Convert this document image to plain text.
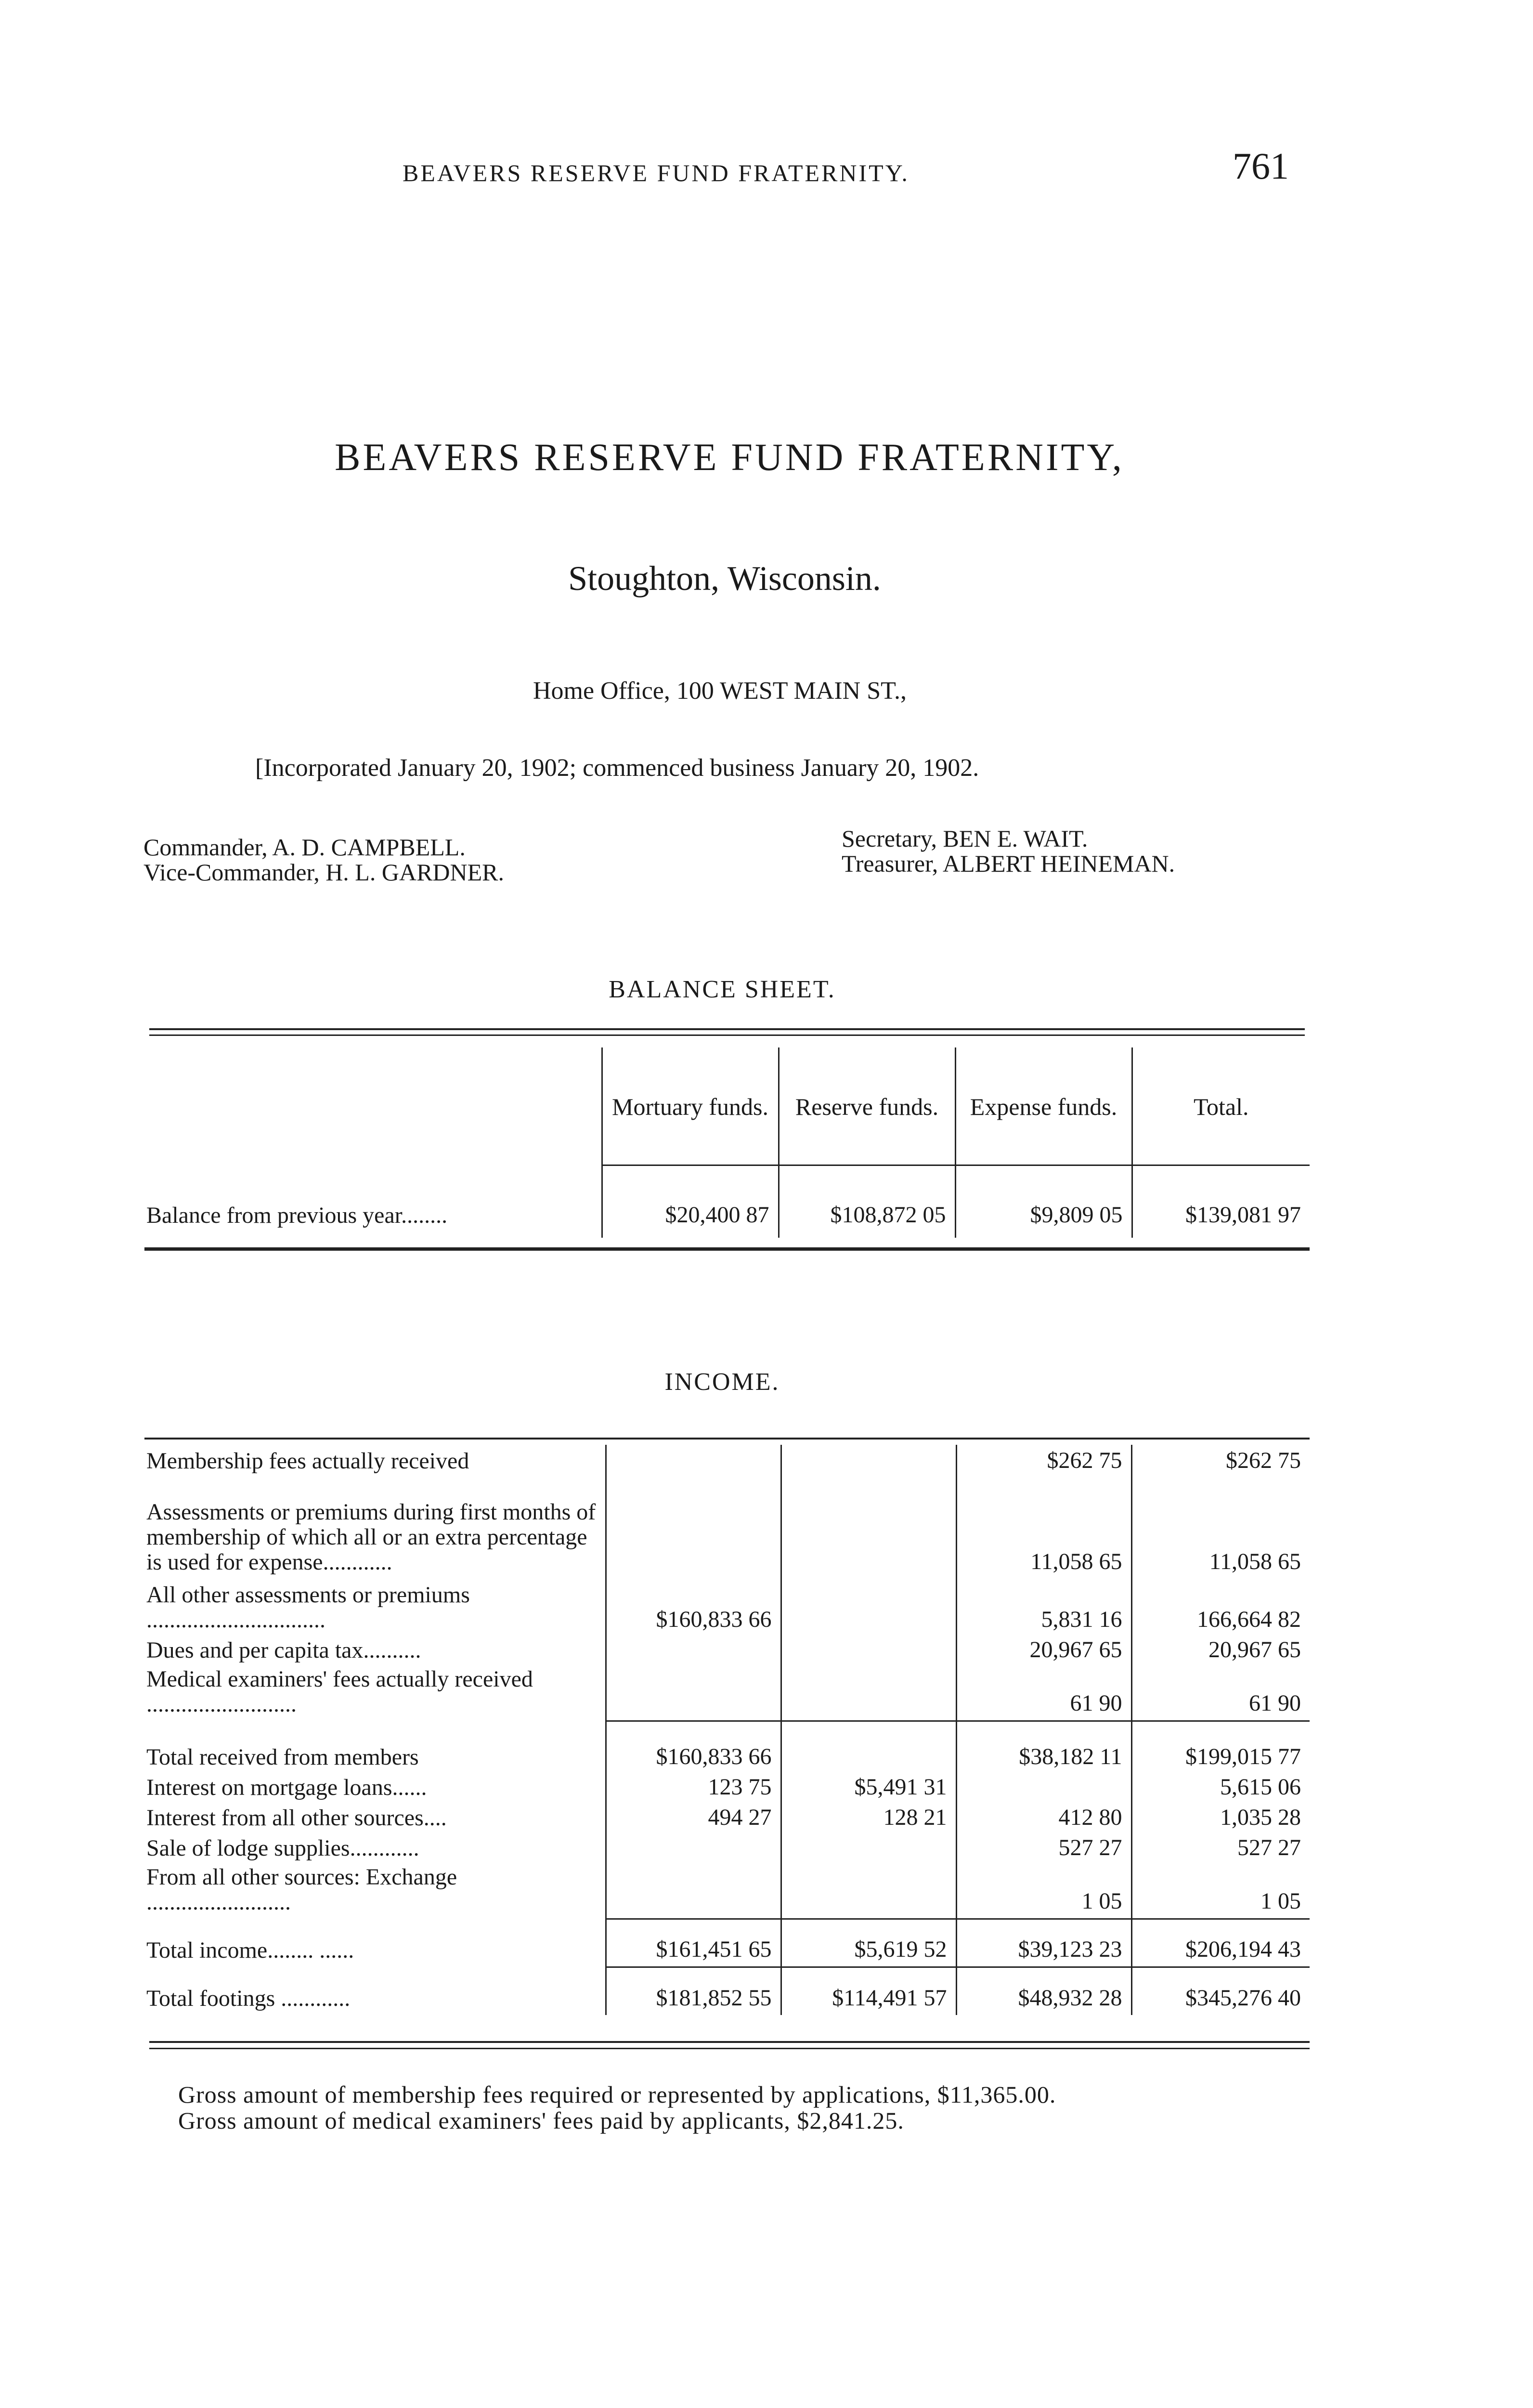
BEAVERS RESERVE FUND FRATERNITY.	761
BEAVERS RESERVE FUND FRATERNITY,
Stoughton, Wisconsin.
Home Office, 100 WEST MAIN ST.,
[Incorporated January 20, 1902; commenced business January 20, 1902.
Commander, A. D. CAMPBELL.
Vice-Commander, H. L. GARDNER.
Secretary, BEN E. WAIT.
Treasurer, ALBERT HEINEMAN.
BALANCE SHEET.
	Mortuary funds.	Reserve funds.	Expense funds.	Total.
Balance from previous year........	$20,400 87	$108,872 05	$9,809 05	$139,081 97
INCOME.
Membership fees actually received			$262 75	$262 75
Assessments or premiums during first months of membership of which all or an extra percentage is used for expense............			11,058 65	11,058 65
All other assessments or premiums ...............................	$160,833 66		5,831 16	166,664 82
Dues and per capita tax..........			20,967 65	20,967 65
Medical examiners' fees actually received ..........................			61 90	61 90
Total received from members	$160,833 66		$38,182 11	$199,015 77
Interest on mortgage loans......	123 75	$5,491 31		5,615 06
Interest from all other sources....	494 27	128 21	412 80	1,035 28
Sale of lodge supplies............			527 27	527 27
From all other sources: Exchange .........................			1 05	1 05
Total income........ ......	$161,451 65	$5,619 52	$39,123 23	$206,194 43
Total footings ............	$181,852 55	$114,491 57	$48,932 28	$345,276 40
Gross amount of membership fees required or represented by applications, $11,365.00.
Gross amount of medical examiners' fees paid by applicants, $2,841.25.
